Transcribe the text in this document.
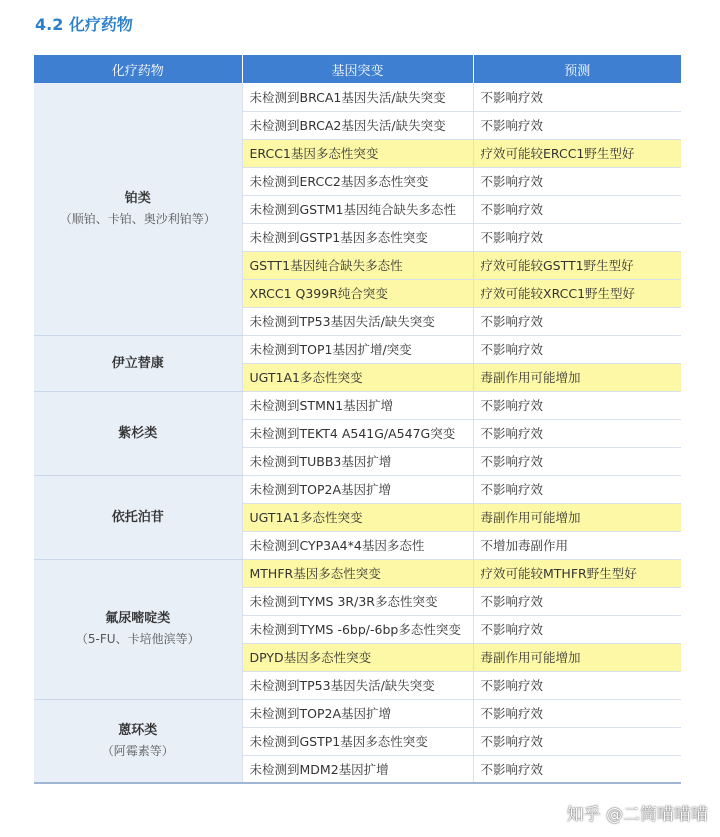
4.2 化疗药物
化疗药物	基因突变	预测

铂类
（顺铂、卡铂、奥沙利铂等）	未检测到BRCA1基因失活/缺失突变	不影响疗效
	未检测到BRCA2基因失活/缺失突变	不影响疗效
	ERCC1基因多态性突变	疗效可能较ERCC1野生型好
	未检测到ERCC2基因多态性突变	不影响疗效
	未检测到GSTM1基因纯合缺失多态性	不影响疗效
	未检测到GSTP1基因多态性突变	不影响疗效
	GSTT1基因纯合缺失多态性	疗效可能较GSTT1野生型好
	XRCC1 Q399R纯合突变	疗效可能较XRCC1野生型好
	未检测到TP53基因失活/缺失突变	不影响疗效

伊立替康	未检测到TOP1基因扩增/突变	不影响疗效
	UGT1A1多态性突变	毒副作用可能增加

紫杉类	未检测到STMN1基因扩增	不影响疗效
	未检测到TEKT4 A541G/A547G突变	不影响疗效
	未检测到TUBB3基因扩增	不影响疗效

依托泊苷	未检测到TOP2A基因扩增	不影响疗效
	UGT1A1多态性突变	毒副作用可能增加
	未检测到CYP3A4*4基因多态性	不增加毒副作用

氟尿嘧啶类
（5-FU、卡培他滨等）	MTHFR基因多态性突变	疗效可能较MTHFR野生型好
	未检测到TYMS 3R/3R多态性突变	不影响疗效
	未检测到TYMS -6bp/-6bp多态性突变	不影响疗效
	DPYD基因多态性突变	毒副作用可能增加
	未检测到TP53基因失活/缺失突变	不影响疗效

蒽环类
（阿霉素等）	未检测到TOP2A基因扩增	不影响疗效
	未检测到GSTP1基因多态性突变	不影响疗效
	未检测到MDM2基因扩增	不影响疗效
知乎 @二筒喵喵喵
